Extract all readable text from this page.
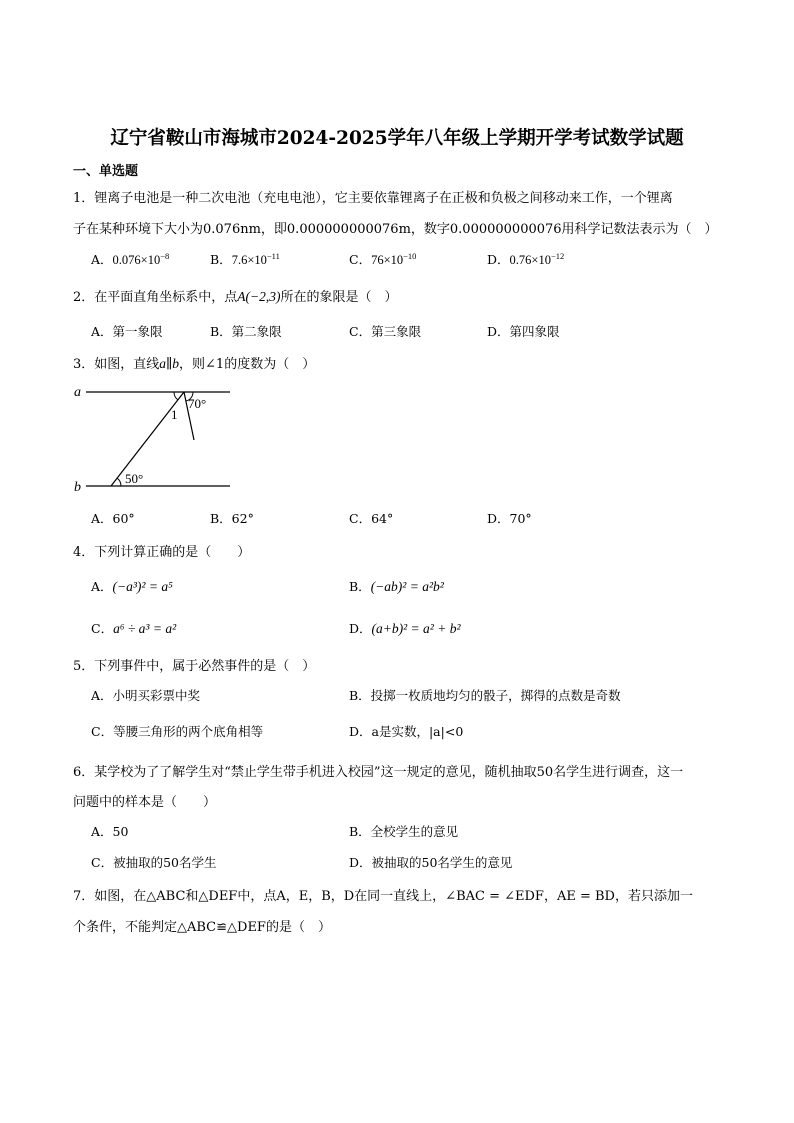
辽宁省鞍山市海城市2024-2025学年八年级上学期开学考试数学试题
一、单选题
1．锂离子电池是一种二次电池（充电电池），它主要依靠锂离子在正极和负极之间移动来工作，一个锂离
子在某种环境下大小为0.076nm，即0.000000000076m，数字0.000000000076用科学记数法表示为（　）
A．$0.076\times 10^{-8}$	B．$7.6\times 10^{-11}$	C．$76\times 10^{-10}$	D．$0.76\times 10^{-12}$
2．在平面直角坐标系中，点A(−2,3)所在的象限是（　）
A．第一象限	B．第二象限	C．第三象限	D．第四象限
3．如图，直线a∥b，则∠1的度数为（　）
a
b
70°
1
50°
A．60°	B．62°	C．64°	D．70°
4．下列计算正确的是（　　）
A．(−a³)² = a⁵	B．(−ab)² = a²b²
C．a⁶ ÷ a³ = a²	D．(a+b)² = a² + b²
5．下列事件中，属于必然事件的是（　）
A．小明买彩票中奖	B．投掷一枚质地均匀的骰子，掷得的点数是奇数
C．等腰三角形的两个底角相等	D．a是实数，|a|<0
6．某学校为了了解学生对“禁止学生带手机进入校园”这一规定的意见，随机抽取50名学生进行调查，这一
问题中的样本是（　　）
A．50	B．全校学生的意见
C．被抽取的50名学生	D．被抽取的50名学生的意见
7．如图，在△ABC和△DEF中，点A，E，B，D在同一直线上，∠BAC = ∠EDF，AE = BD，若只添加一
个条件，不能判定△ABC≌△DEF的是（　）
